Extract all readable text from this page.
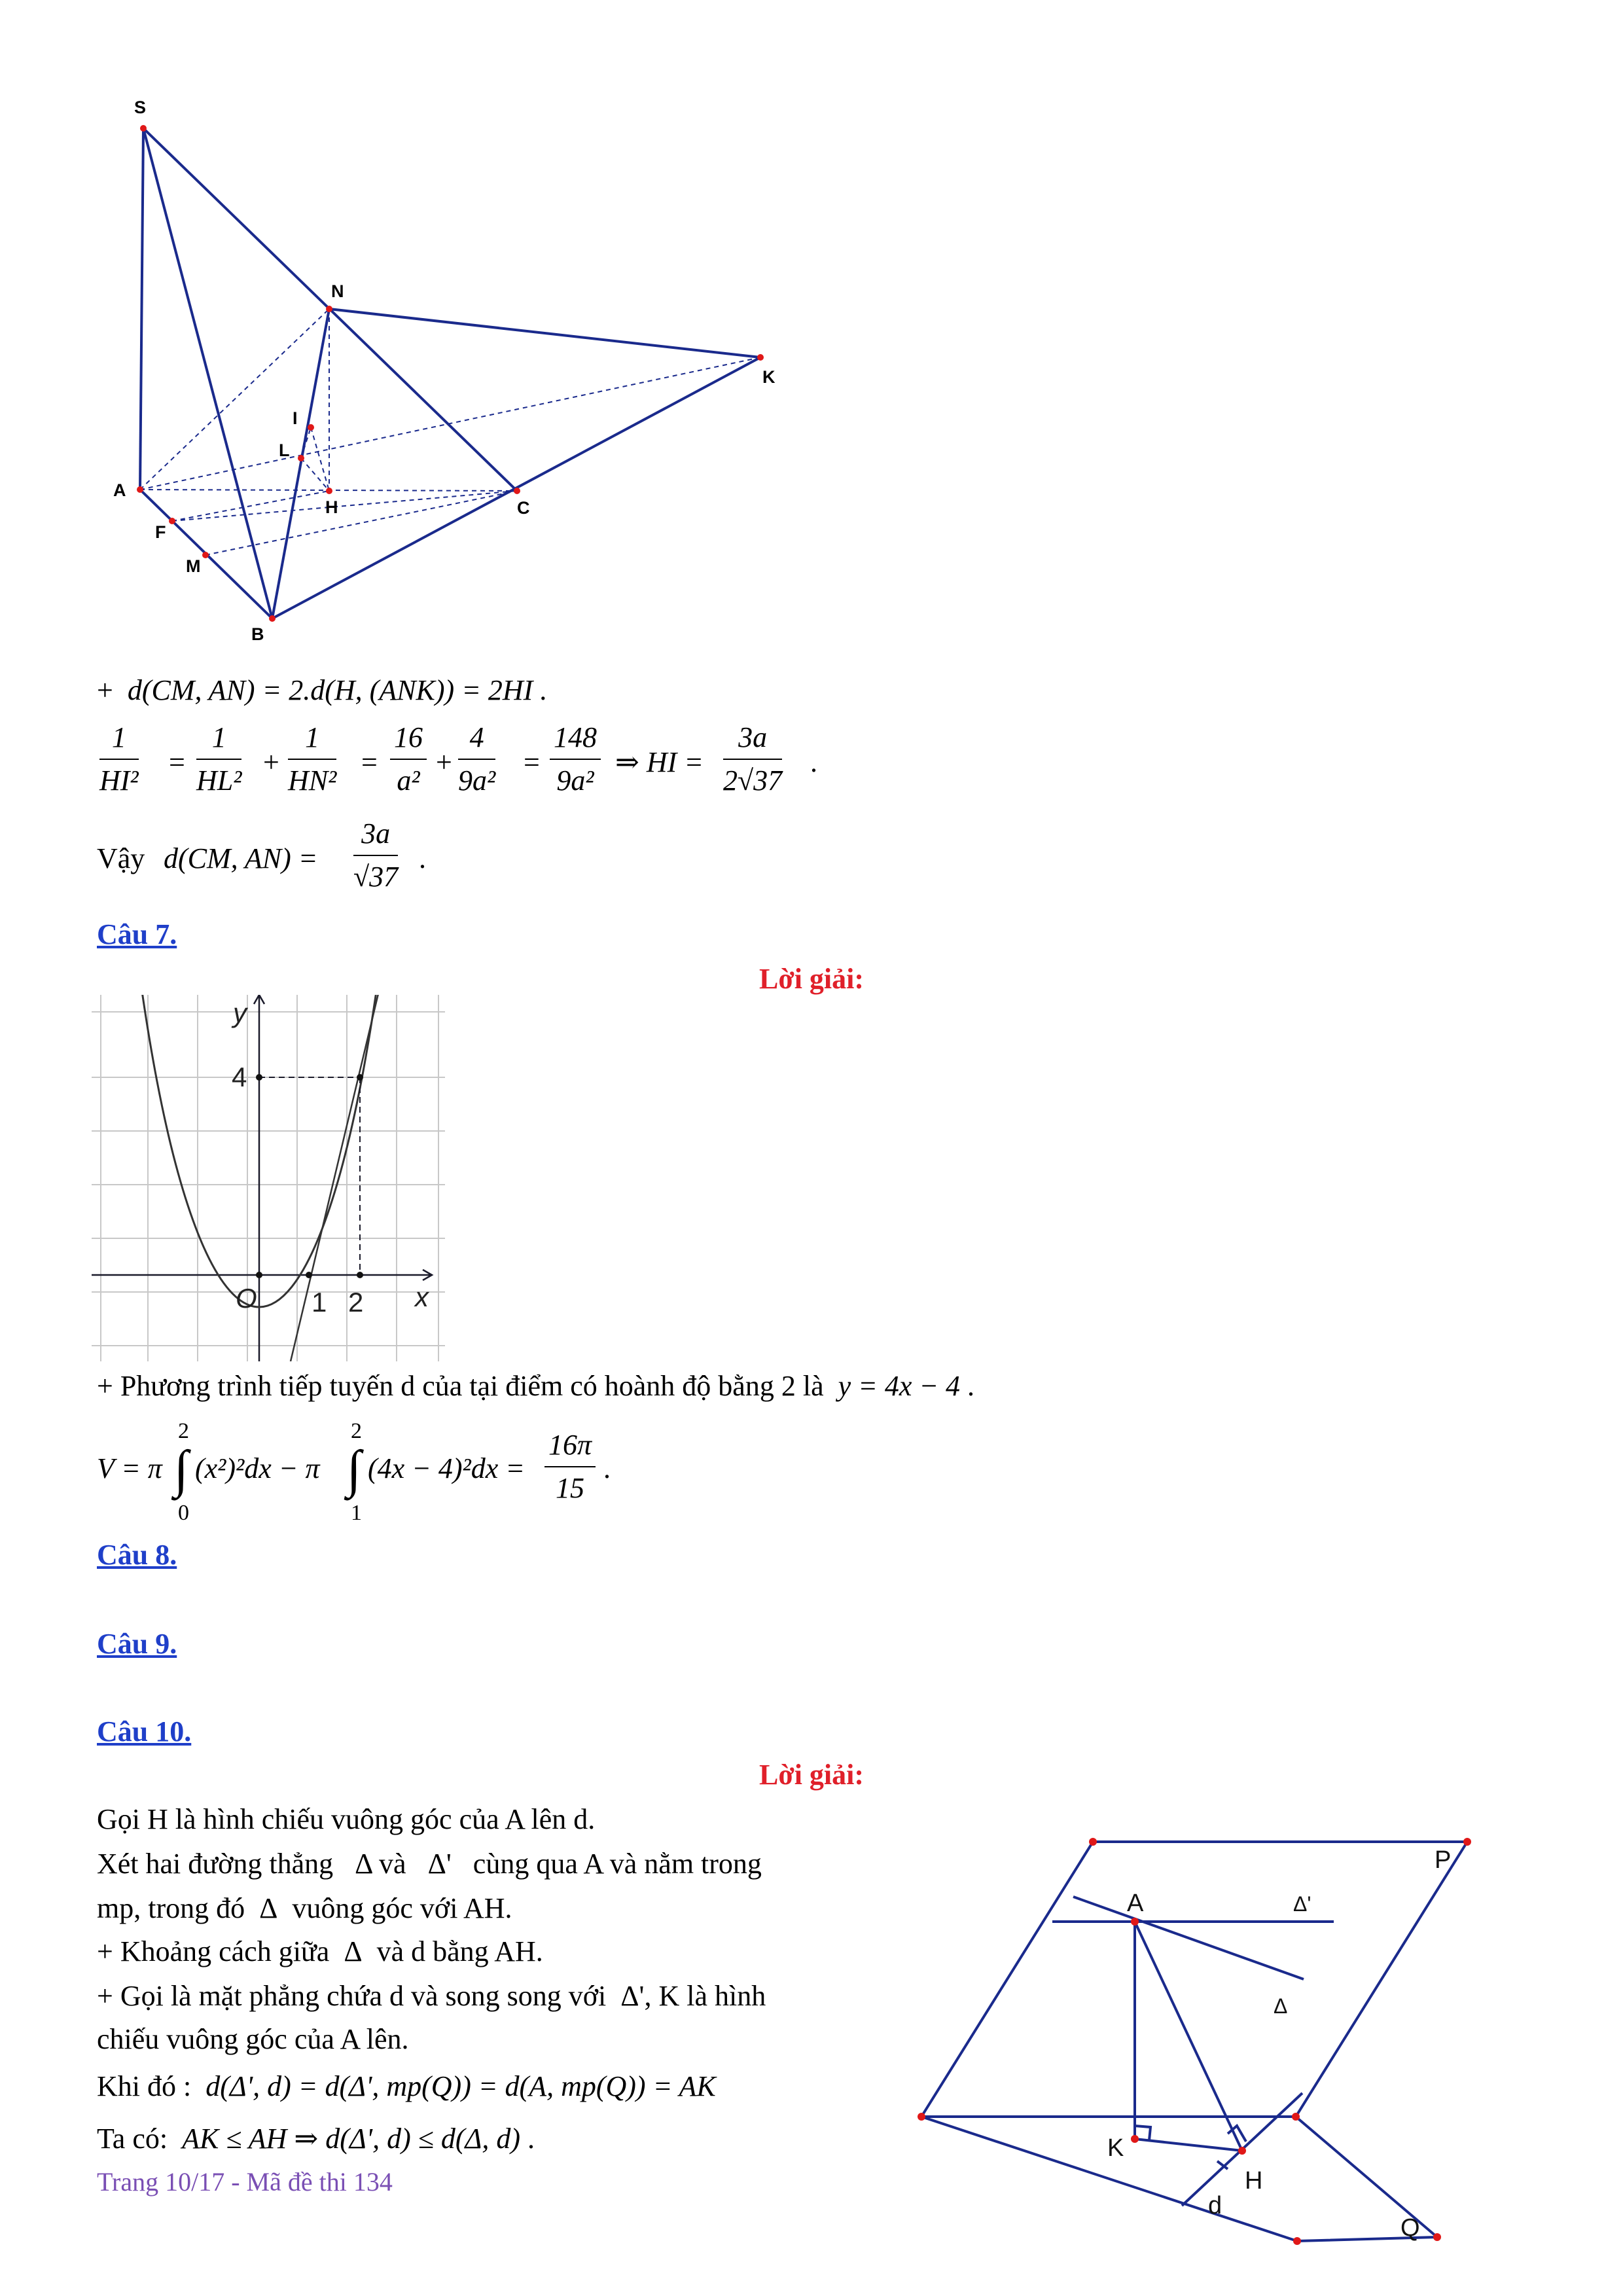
S
N
K
I
L
A
H	C
F
M
B
+ d(CM, AN) = 2.d(H, (ANK)) = 2HI .
$\frac{1}{\text{HI²}} = \frac{1}{\text{HL²}} + \frac{1}{\text{HN²}} = \frac{16}{\text{a²}} + \frac{4}{\text{9a²}} = \frac{148}{\text{9a²}}$ ⇒ HI = $\frac{3a}{2√37}$ .
Vậy d(CM, $AN) = \frac{3a}{√37}$ .
Câu 7.
Lời giải:
y
4
O 1 2 x
+ Phương trình tiếp tuyến d của tại điểm có hoành độ bằng 2 là y = 4x − 4 .
V = π
2
∫
0
(x²)²dx − π
2
∫
1
$(4x - 4)^2dx = \frac{16\pi}{15}$ .
Câu 8.
Câu 9.
Câu 10.
Lời giải:
Gọi H là hình chiếu vuông góc của A lên d.
Xét hai đường thẳng Δ và Δ' cùng qua A và nằm trong
mp, trong đó Δ vuông góc với AH.
+ Khoảng cách giữa Δ và d bằng AH.
+ Gọi là mặt phẳng chứa d và song song với Δ', K là hình
chiếu vuông góc của A lên.
Khi đó : d(Δ', d) = d(Δ', mp(Q)) = d(A, mp(Q)) = AK
Ta có: AK ≤ AH ⇒ d(Δ', d) ≤ d(Δ, d) .
P
A	Δ'
Δ
K
H
d
Q
Trang 10/17 - Mã đề thi 134
